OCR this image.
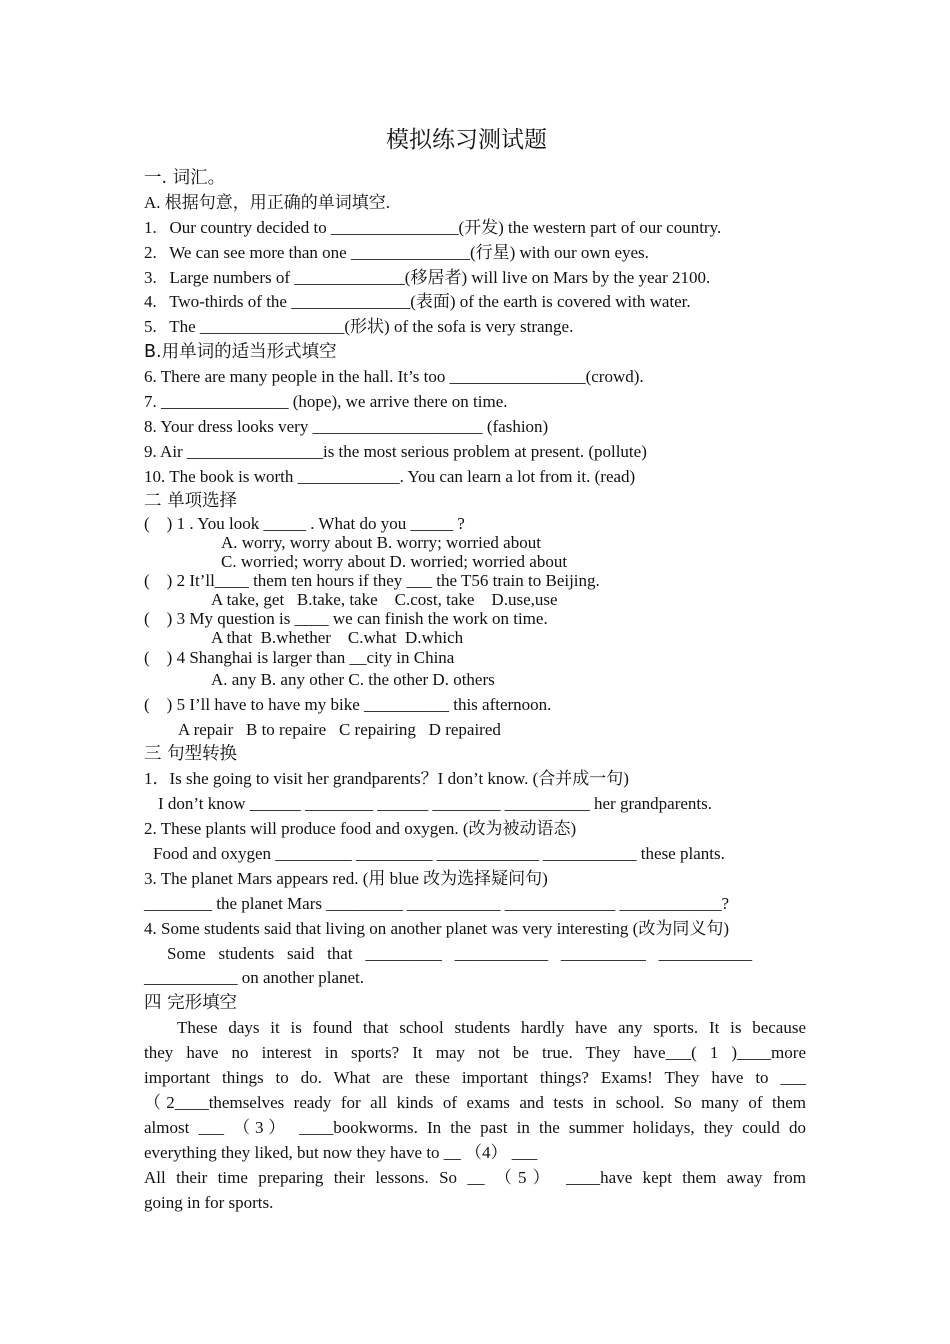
模拟练习测试题
一. 词汇。
A. 根据句意，用正确的单词填空.
1.   Our country decided to _______________(开发) the western part of our country.
2.   We can see more than one ______________(行星) with our own eyes.
3.   Large numbers of _____________(移居者) will live on Mars by the year 2100.
4.   Two-thirds of the ______________(表面) of the earth is covered with water.
5.   The _________________(形状) of the sofa is very strange.
B.用单词的适当形式填空
6. There are many people in the hall. It’s too ________________(crowd).
7. _______________ (hope), we arrive there on time.
8. Your dress looks very ____________________ (fashion)
9. Air ________________is the most serious problem at present. (pollute)
10. The book is worth ____________. You can learn a lot from it. (read)
二 单项选择
(    ) 1 . You look _____ . What do you _____ ?
A. worry, worry about B. worry; worried about
C. worried; worry about D. worried; worried about
(    ) 2 It’ll____ them ten hours if they ___ the T56 train to Beijing.
A take, get   B.take, take    C.cost, take    D.use,use
(    ) 3 My question is ____ we can finish the work on time.
A that  B.whether    C.what  D.which
(    ) 4 Shanghai is larger than __city in China
A. any B. any other C. the other D. others
(    ) 5 I’ll have to have my bike __________ this afternoon.
A repair   B to repaire   C repairing   D repaired
三 句型转换
1．Is she going to visit her grandparents？I don’t know. (合并成一句)
I don’t know ______ ________ ______ ________ __________ her grandparents.
2. These plants will produce food and oxygen. (改为被动语态)
Food and oxygen _________ _________ ____________ ___________ these plants.
3. The planet Mars appears red. (用 blue 改为选择疑问句)
________ the planet Mars _________ ___________ _____________ ____________?
4. Some students said that living on another planet was very interesting (改为同义句)
Some   students   said   that   _________   ___________   __________   ___________
___________ on another planet.
四 完形填空
These days it is found that school students hardly have any sports. It is because
they have no interest in sports? It may not be true. They have___( 1 )____more
important things to do. What are these important things? Exams! They have to ___
（2____themselves ready for all kinds of exams and tests in school. So many of them
almost ___ （3） ____bookworms. In the past in the summer holidays, they could do
everything they liked, but now they have to __ （4） ___
All their time preparing their lessons. So __ （5） ____have kept them away from
going in for sports.
